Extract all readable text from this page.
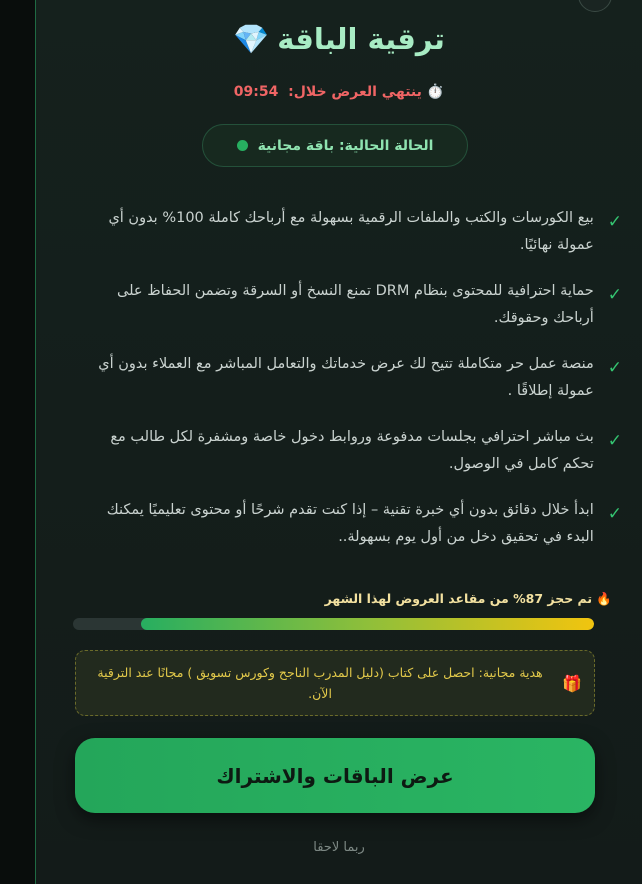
ترقية الباقة💎
⏱️ ينتهي العرض خلال:  09:54
الحالة الحالية: باقة مجانية
✓
بيع الكورسات والكتب والملفات الرقمية بسهولة مع أرباحك كاملة 100% بدون أي عمولة نهائيًا.
✓
حماية احترافية للمحتوى بنظام DRM تمنع النسخ أو السرقة وتضمن الحفاظ على أرباحك وحقوقك.
✓
منصة عمل حر متكاملة تتيح لك عرض خدماتك والتعامل المباشر مع العملاء بدون أي عمولة إطلاقًا .
✓
بث مباشر احترافي بجلسات مدفوعة وروابط دخول خاصة ومشفرة لكل طالب مع تحكم كامل في الوصول.
✓
ابدأ خلال دقائق بدون أي خبرة تقنية – إذا كنت تقدم شرحًا أو محتوى تعليميًا يمكنك البدء في تحقيق دخل من أول يوم بسهولة..
🔥 تم حجز 87% من مقاعد العروض لهذا الشهر
🎁
هدية مجانية: احصل على كتاب (دليل المدرب الناجح وكورس تسويق ) مجانًا عند الترقية الآن.
عرض الباقات والاشتراك
ربما لاحقا
